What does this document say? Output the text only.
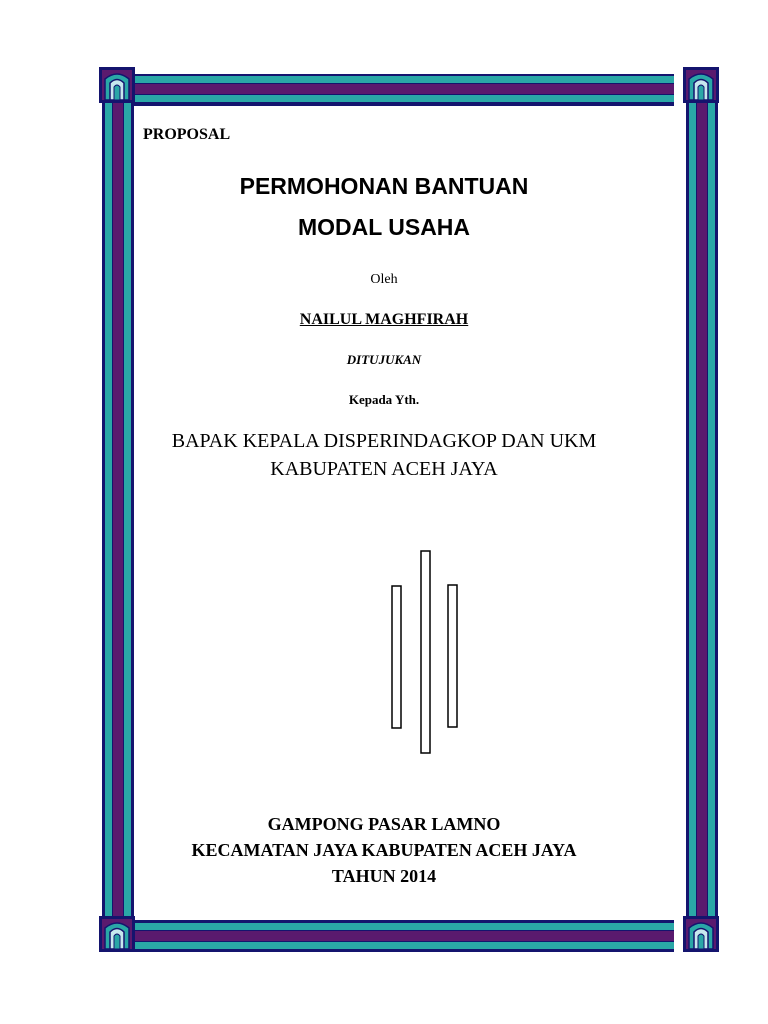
PROPOSAL
PERMOHONAN BANTUAN
MODAL USAHA
Oleh
NAILUL MAGHFIRAH
DITUJUKAN
Kepada Yth.
BAPAK KEPALA DISPERINDAGKOP DAN UKM
KABUPATEN ACEH JAYA
GAMPONG PASAR LAMNO
KECAMATAN JAYA KABUPATEN ACEH JAYA
TAHUN 2014
